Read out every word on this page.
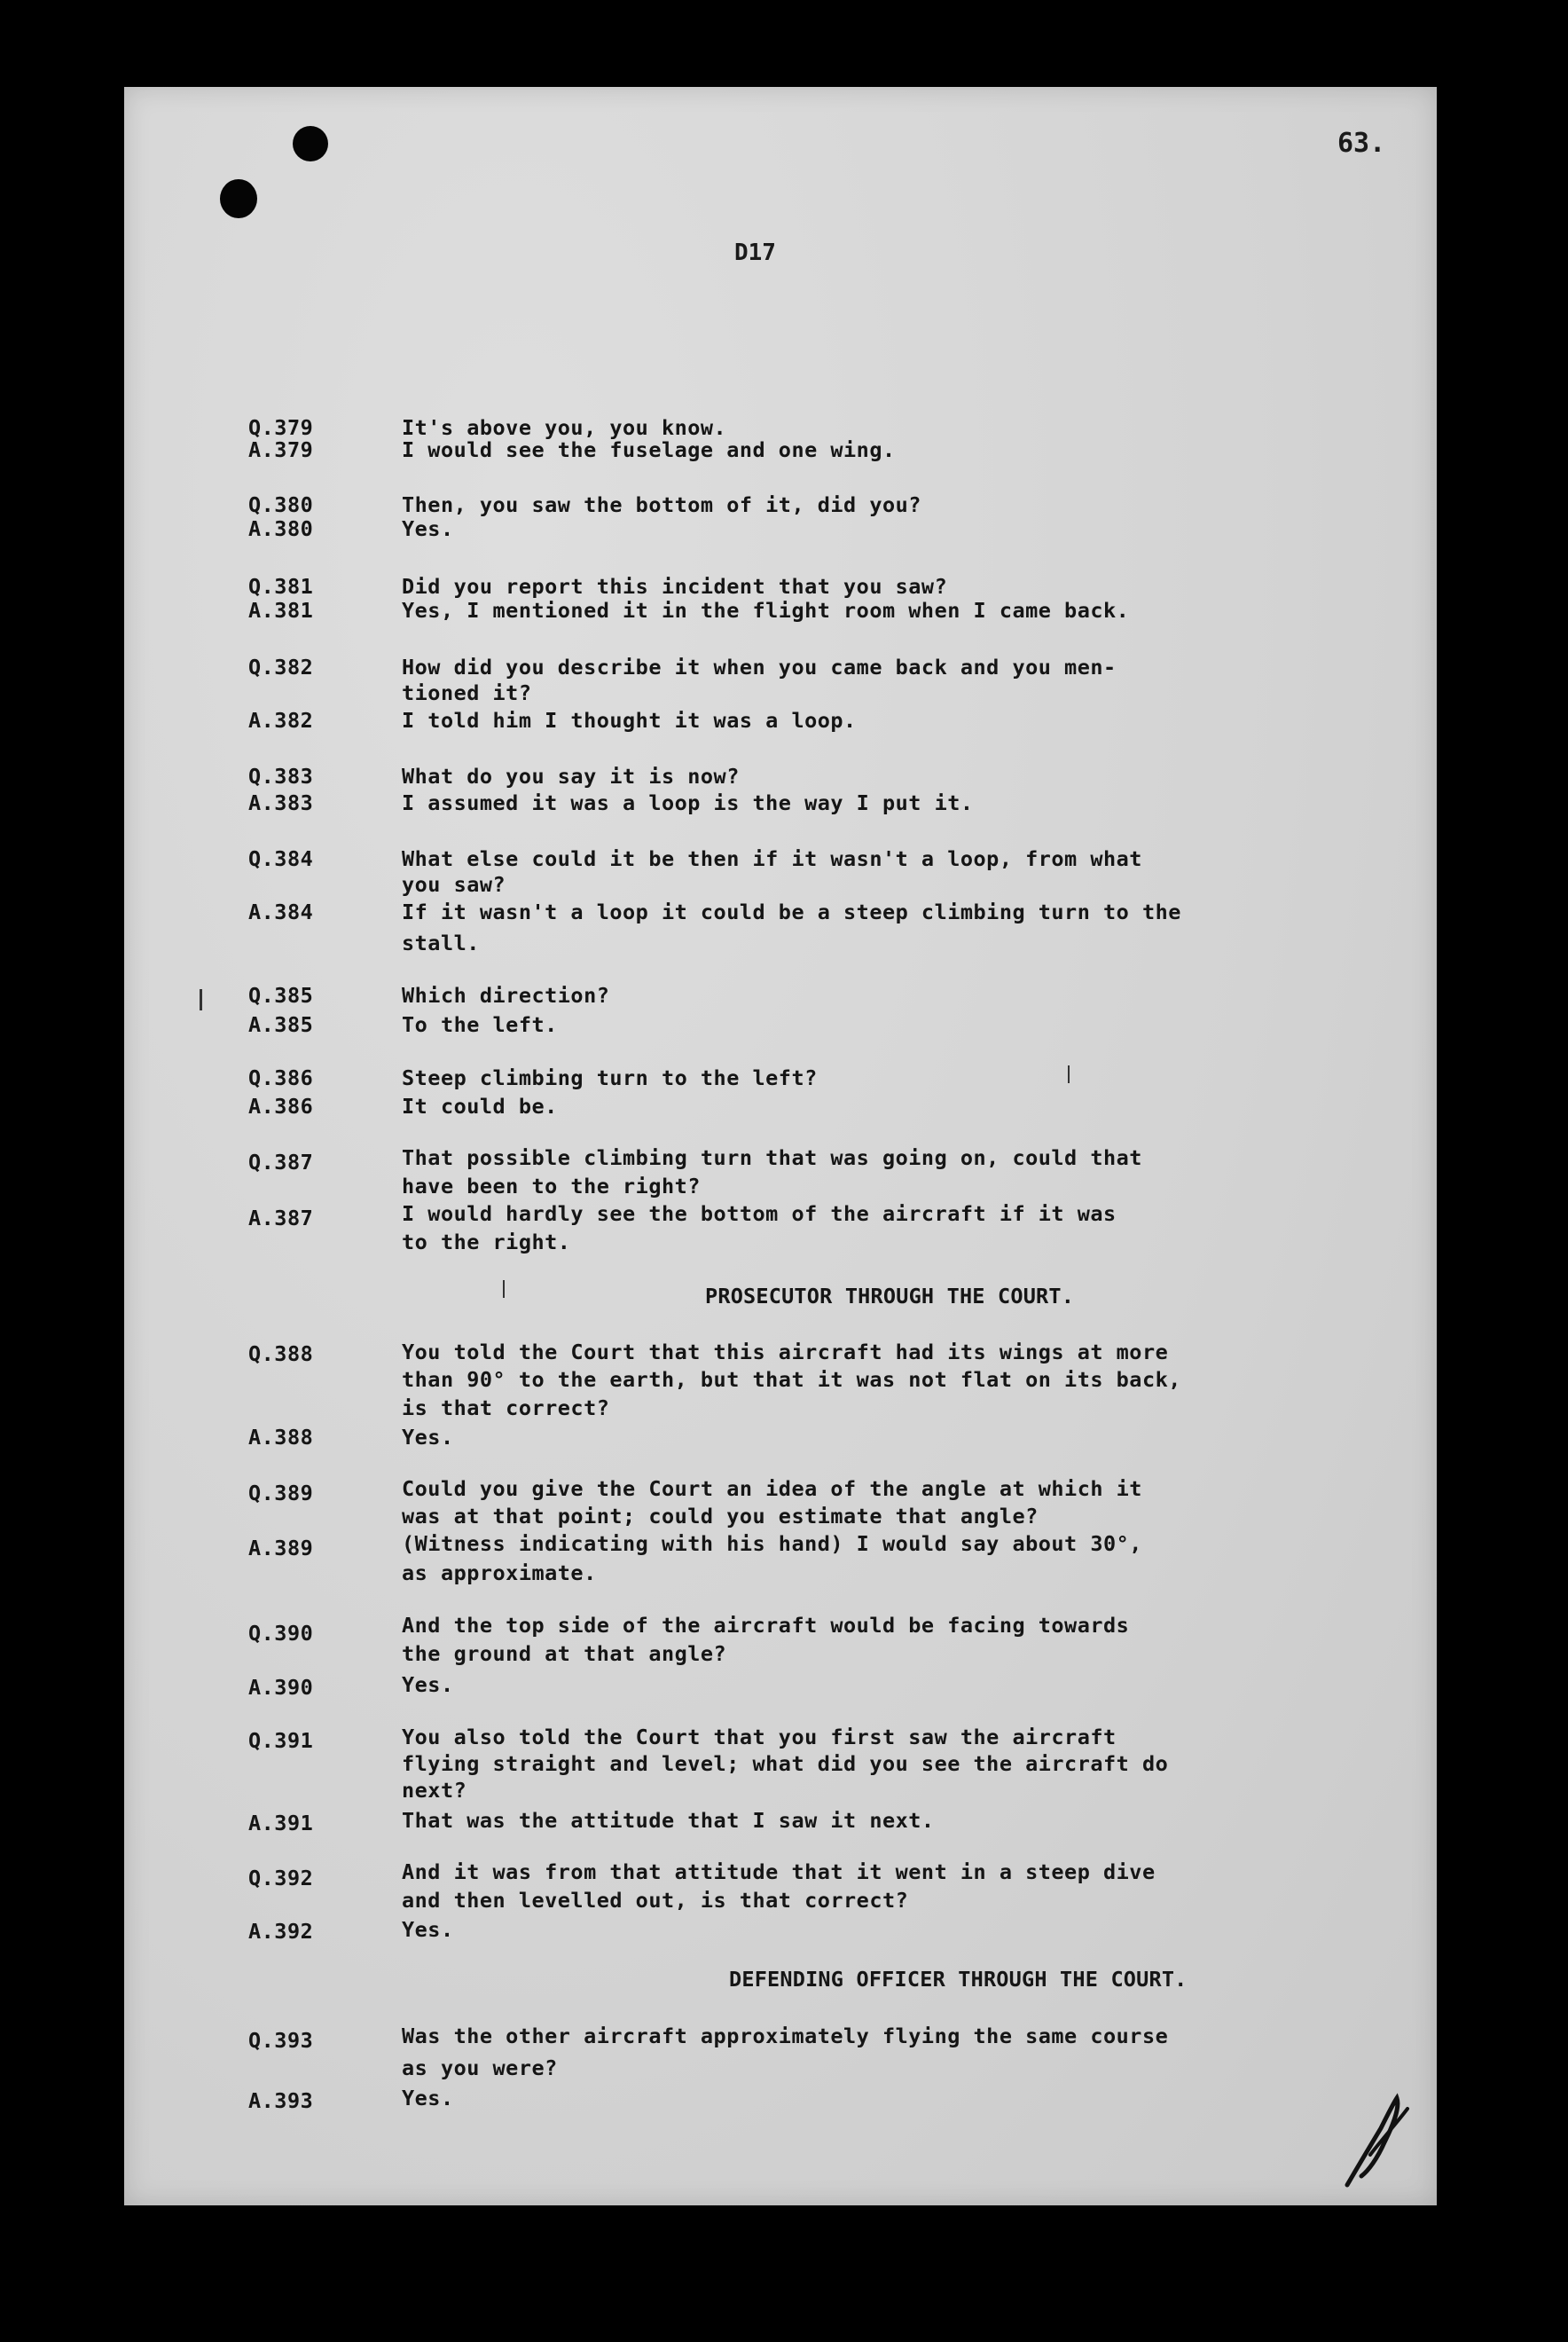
63.
D17
Q.379	It's above you, you know.
A.379	I would see the fuselage and one wing.
Q.380	Then, you saw the bottom of it, did you?
A.380	Yes.
Q.381	Did you report this incident that you saw?
A.381	Yes, I mentioned it in the flight room when I came back.
Q.382	How did you describe it when you came back and you men-
tioned it?
A.382	I told him I thought it was a loop.
Q.383	What do you say it is now?
A.383	I assumed it was a loop is the way I put it.
Q.384	What else could it be then if it wasn't a loop, from what
you saw?
A.384	If it wasn't a loop it could be a steep climbing turn to the
stall.
Q.385	Which direction?
A.385	To the left.
Q.386	Steep climbing turn to the left?
A.386	It could be.
Q.387	That possible climbing turn that was going on, could that
have been to the right?
A.387	I would hardly see the bottom of the aircraft if it was
to the right.
PROSECUTOR THROUGH THE COURT.
Q.388	You told the Court that this aircraft had its wings at more
than 90° to the earth, but that it was not flat on its back,
is that correct?
A.388	Yes.
Q.389	Could you give the Court an idea of the angle at which it
was at that point; could you estimate that angle?
A.389	(Witness indicating with his hand) I would say about 30°,
as approximate.
Q.390	And the top side of the aircraft would be facing towards
the ground at that angle?
A.390	Yes.
Q.391	You also told the Court that you first saw the aircraft
flying straight and level; what did you see the aircraft do
next?
A.391	That was the attitude that I saw it next.
Q.392	And it was from that attitude that it went in a steep dive
and then levelled out, is that correct?
A.392	Yes.
DEFENDING OFFICER THROUGH THE COURT.
Q.393	Was the other aircraft approximately flying the same course
as you were?
A.393	Yes.
